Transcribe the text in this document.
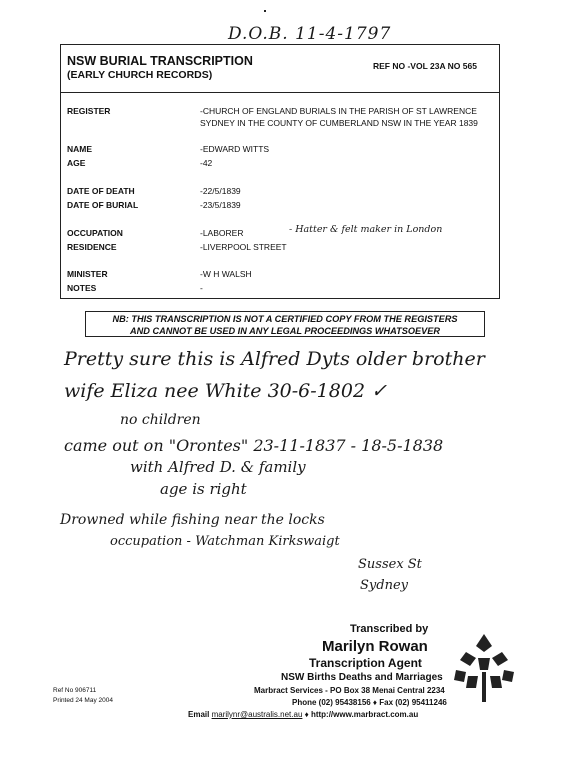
D.O.B. 11-4-1797
NSW BURIAL TRANSCRIPTION
(EARLY CHURCH RECORDS)
REF NO -VOL 23A NO 565
REGISTER	-CHURCH OF ENGLAND BURIALS IN THE PARISH OF ST LAWRENCE
SYDNEY IN THE COUNTY OF CUMBERLAND NSW IN THE YEAR 1839
NAME	-EDWARD WITTS
AGE	-42
DATE OF DEATH	-22/5/1839
DATE OF BURIAL	-23/5/1839
OCCUPATION	-LABORER	- Hatter & felt maker in London
RESIDENCE	-LIVERPOOL STREET
MINISTER	-W H WALSH
NOTES	-
NB: THIS TRANSCRIPTION IS NOT A CERTIFIED COPY FROM THE REGISTERS
AND CANNOT BE USED IN ANY LEGAL PROCEEDINGS WHATSOEVER
Pretty sure this is Alfred Dyts older brother
wife Eliza nee White 30-6-1802 ✓
no children
came out on "Orontes" 23-11-1837 - 18-5-1838
with Alfred D. & family
age is right
Drowned while fishing near the locks
occupation - Watchman Kirkswaigt
Sussex St
Sydney
Transcribed by
Marilyn Rowan
Transcription Agent
NSW Births Deaths and Marriages
Marbract Services - PO Box 38 Menai Central 2234
Phone (02) 95438156 ♦ Fax (02) 95411246
Email marilynr@australis.net.au ♦ http://www.marbract.com.au
Ref No 906711
Printed 24 May 2004
